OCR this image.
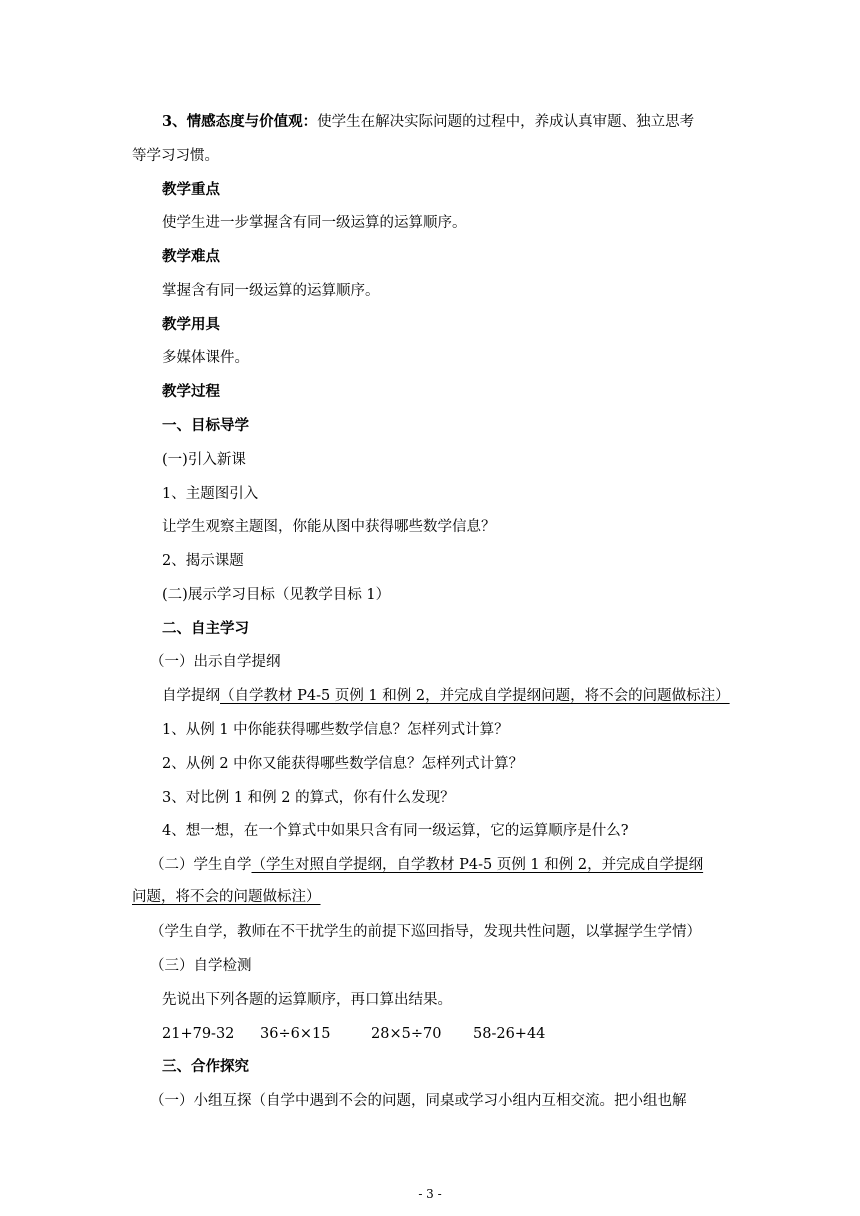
3、情感态度与价值观：使学生在解决实际问题的过程中，养成认真审题、独立思考
等学习习惯。
教学重点
使学生进一步掌握含有同一级运算的运算顺序。
教学难点
掌握含有同一级运算的运算顺序。
教学用具
多媒体课件。
教学过程
一、目标导学
(一)引入新课
1、主题图引入
让学生观察主题图，你能从图中获得哪些数学信息？
2、揭示课题
(二)展示学习目标（见教学目标 1）
二、自主学习
（一）出示自学提纲
自学提纲（自学教材 P4-5 页例 1 和例 2，并完成自学提纲问题，将不会的问题做标注）
1、从例 1 中你能获得哪些数学信息？怎样列式计算？
2、从例 2 中你又能获得哪些数学信息？怎样列式计算？
3、对比例 1 和例 2 的算式，你有什么发现？
4、想一想，在一个算式中如果只含有同一级运算，它的运算顺序是什么?
（二）学生自学（学生对照自学提纲，自学教材 P4-5 页例 1 和例 2，并完成自学提纲
问题，将不会的问题做标注）
（学生自学，教师在不干扰学生的前提下巡回指导，发现共性问题，以掌握学生学情）
（三）自学检测
先说出下列各题的运算顺序，再口算出结果。
21+79-32 36÷6×15	28×5÷70 58-26+44
三、合作探究
（一）小组互探（自学中遇到不会的问题，同桌或学习小组内互相交流。把小组也解
- 3 -
